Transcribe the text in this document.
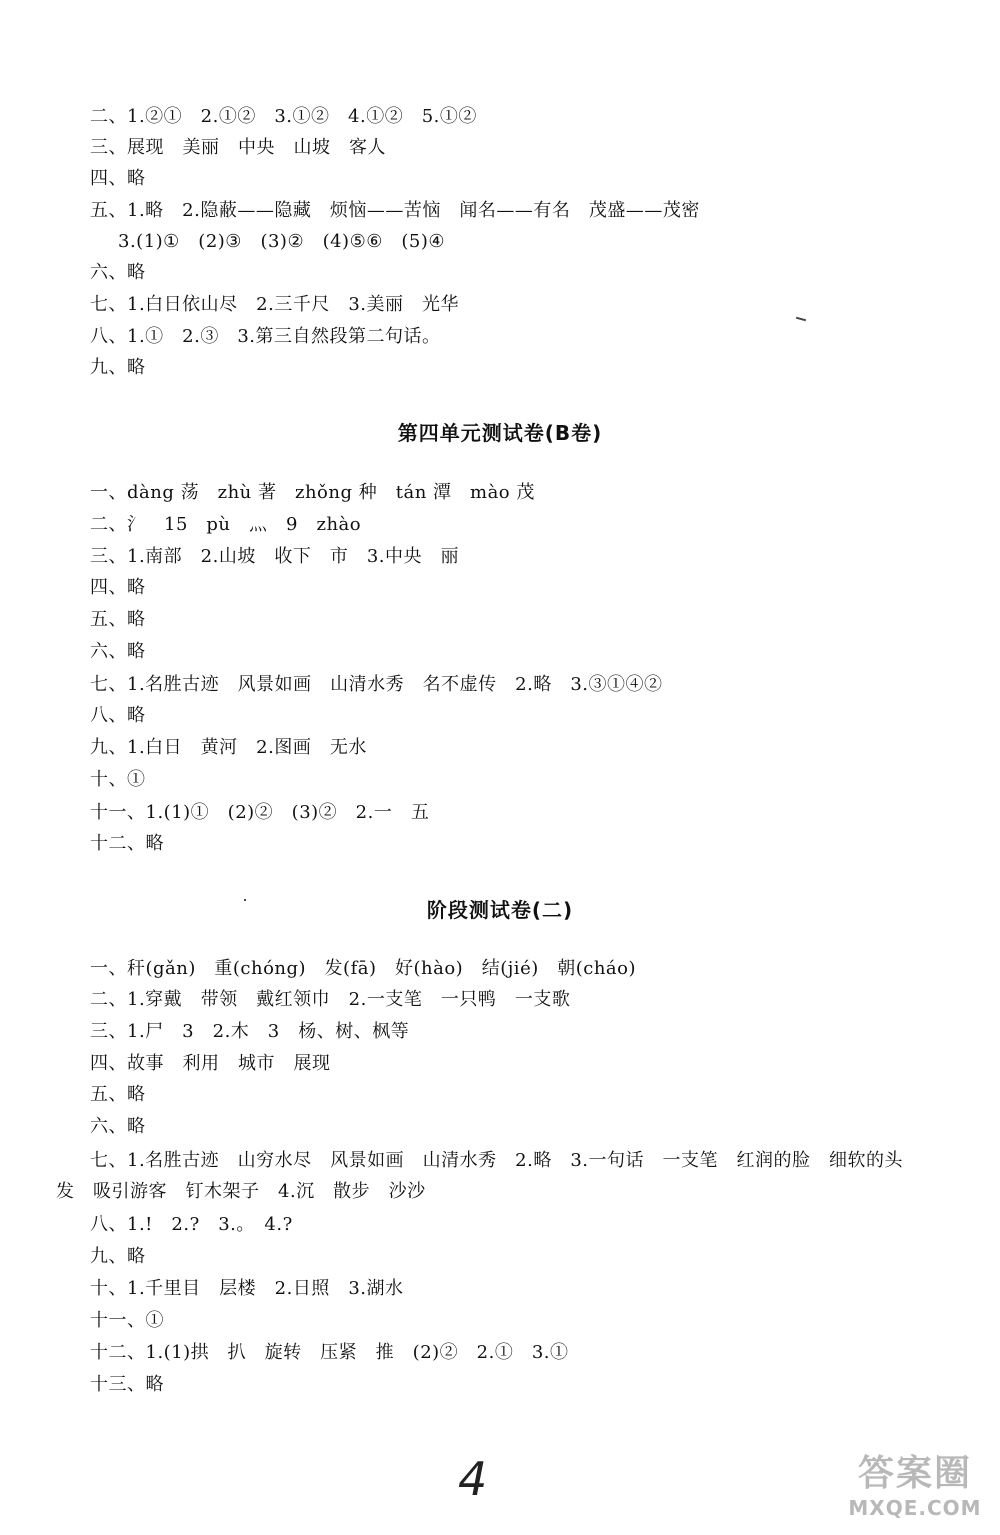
二、1.②①　2.①②　3.①②　4.①②　5.①②
三、展现　美丽　中央　山坡　客人
四、略
五、1.略　2.隐蔽——隐藏　烦恼——苦恼　闻名——有名　茂盛——茂密
3.(1)①　(2)③　(3)②　(4)⑤⑥　(5)④
六、略
七、1.白日依山尽　2.三千尺　3.美丽　光华
八、1.①　2.③　3.第三自然段第二句话。
九、略
第四单元测试卷(B卷)
一、dàng 荡　zhù 著　zhǒng 种　tán 潭　mào 茂
二、氵　15　pù　灬　9　zhào
三、1.南部　2.山坡　收下　市　3.中央　丽
四、略
五、略
六、略
七、1.名胜古迹　风景如画　山清水秀　名不虚传　2.略　3.③①④②
八、略
九、1.白日　黄河　2.图画　无水
十、①
十一、1.(1)①　(2)②　(3)②　2.一　五
十二、略
阶段测试卷(二)
一、秆(gǎn)　重(chóng)　发(fā)　好(hào)　结(jié)　朝(cháo)
二、1.穿戴　带领　戴红领巾　2.一支笔　一只鸭　一支歌
三、1.尸　3　2.木　3　杨、树、枫等
四、故事　利用　城市　展现
五、略
六、略
七、1.名胜古迹　山穷水尽　风景如画　山清水秀　2.略　3.一句话　一支笔　红润的脸　细软的头
发　吸引游客　钉木架子　4.沉　散步　沙沙
八、1.!　2.?　3.。　4.?
九、略
十、1.千里目　层楼　2.日照　3.湖水
十一、①
十二、1.(1)拱　扒　旋转　压紧　推　(2)②　2.①　3.①
十三、略
4	答案圈
MXQE.COM
